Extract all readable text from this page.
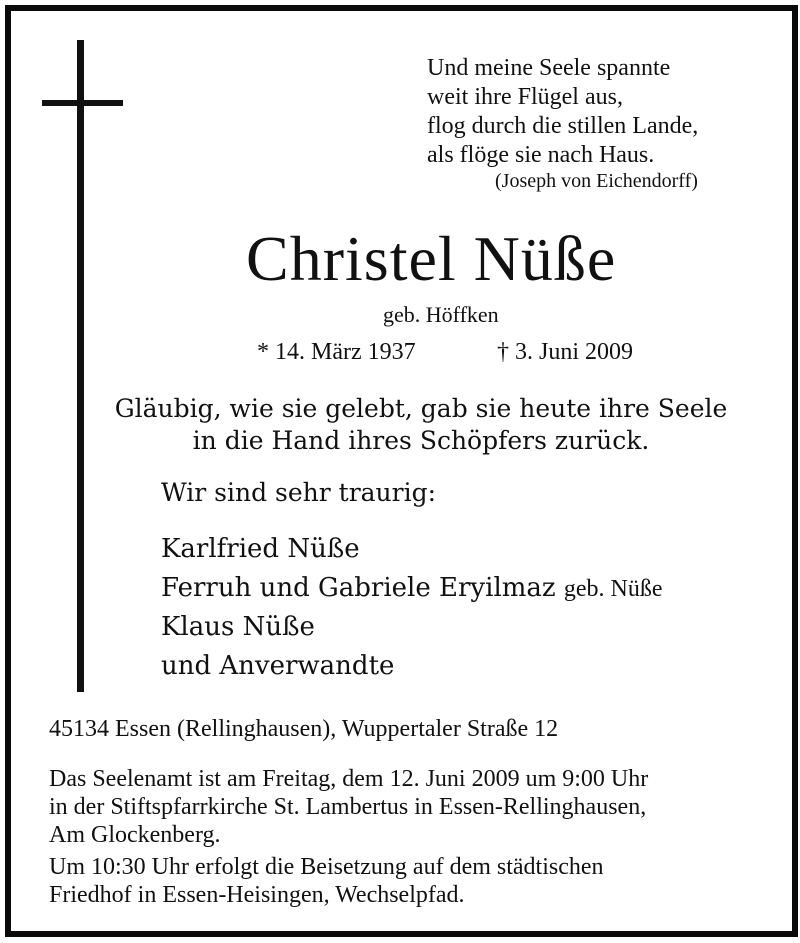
Und meine Seele spannte
weit ihre Flügel aus,
flog durch die stillen Lande,
als flöge sie nach Haus.
(Joseph von Eichendorff)
Christel Nüße
geb. Höffken
* 14. März 1937	† 3. Juni 2009
Gläubig, wie sie gelebt, gab sie heute ihre Seele
in die Hand ihres Schöpfers zurück.
Wir sind sehr traurig:
Karlfried Nüße
Ferruh und Gabriele Eryilmaz geb. Nüße
Klaus Nüße
und Anverwandte
45134 Essen (Rellinghausen), Wuppertaler Straße 12
Das Seelenamt ist am Freitag, dem 12. Juni 2009 um 9:00 Uhr
in der Stiftspfarrkirche St. Lambertus in Essen-Rellinghausen,
Am Glockenberg.
Um 10:30 Uhr erfolgt die Beisetzung auf dem städtischen
Friedhof in Essen-Heisingen, Wechselpfad.
